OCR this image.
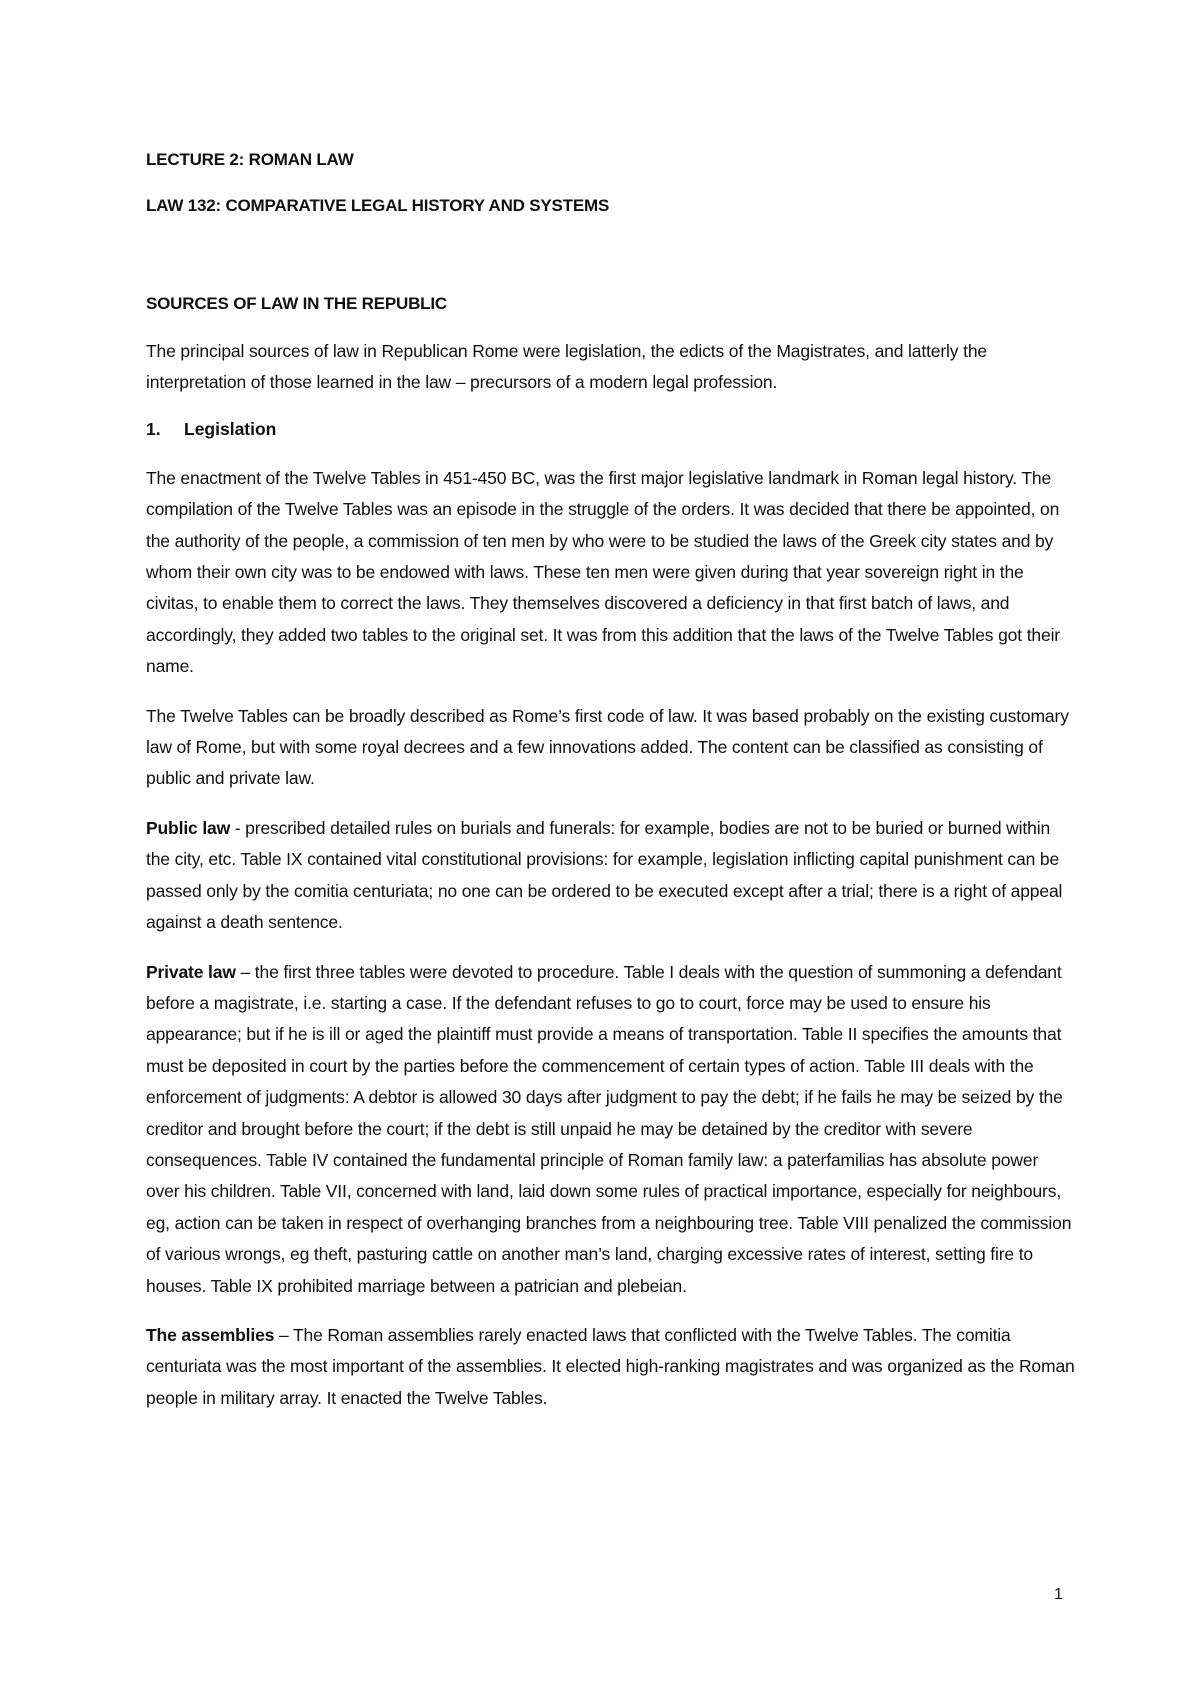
LECTURE 2: ROMAN LAW

LAW 132: COMPARATIVE LEGAL HISTORY AND SYSTEMS

SOURCES OF LAW IN THE REPUBLIC

The principal sources of law in Republican Rome were legislation, the edicts of the Magistrates, and latterly the interpretation of those learned in the law – precursors of a modern legal profession.

1. Legislation

The enactment of the Twelve Tables in 451-450 BC, was the first major legislative landmark in Roman legal history. The compilation of the Twelve Tables was an episode in the struggle of the orders. It was decided that there be appointed, on the authority of the people, a commission of ten men by who were to be studied the laws of the Greek city states and by whom their own city was to be endowed with laws. These ten men were given during that year sovereign right in the civitas, to enable them to correct the laws. They themselves discovered a deficiency in that first batch of laws, and accordingly, they added two tables to the original set. It was from this addition that the laws of the Twelve Tables got their name.

The Twelve Tables can be broadly described as Rome’s first code of law. It was based probably on the existing customary law of Rome, but with some royal decrees and a few innovations added. The content can be classified as consisting of public and private law.

Public law - prescribed detailed rules on burials and funerals: for example, bodies are not to be buried or burned within the city, etc. Table IX contained vital constitutional provisions: for example, legislation inflicting capital punishment can be passed only by the comitia centuriata; no one can be ordered to be executed except after a trial; there is a right of appeal against a death sentence.

Private law – the first three tables were devoted to procedure. Table I deals with the question of summoning a defendant before a magistrate, i.e. starting a case. If the defendant refuses to go to court, force may be used to ensure his appearance; but if he is ill or aged the plaintiff must provide a means of transportation. Table II specifies the amounts that must be deposited in court by the parties before the commencement of certain types of action. Table III deals with the enforcement of judgments: A debtor is allowed 30 days after judgment to pay the debt; if he fails he may be seized by the creditor and brought before the court; if the debt is still unpaid he may be detained by the creditor with severe consequences. Table IV contained the fundamental principle of Roman family law: a paterfamilias has absolute power over his children. Table VII, concerned with land, laid down some rules of practical importance, especially for neighbours, eg, action can be taken in respect of overhanging branches from a neighbouring tree. Table VIII penalized the commission of various wrongs, eg theft, pasturing cattle on another man’s land, charging excessive rates of interest, setting fire to houses. Table IX prohibited marriage between a patrician and plebeian.

The assemblies – The Roman assemblies rarely enacted laws that conflicted with the Twelve Tables. The comitia centuriata was the most important of the assemblies. It elected high-ranking magistrates and was organized as the Roman people in military array. It enacted the Twelve Tables.

1
